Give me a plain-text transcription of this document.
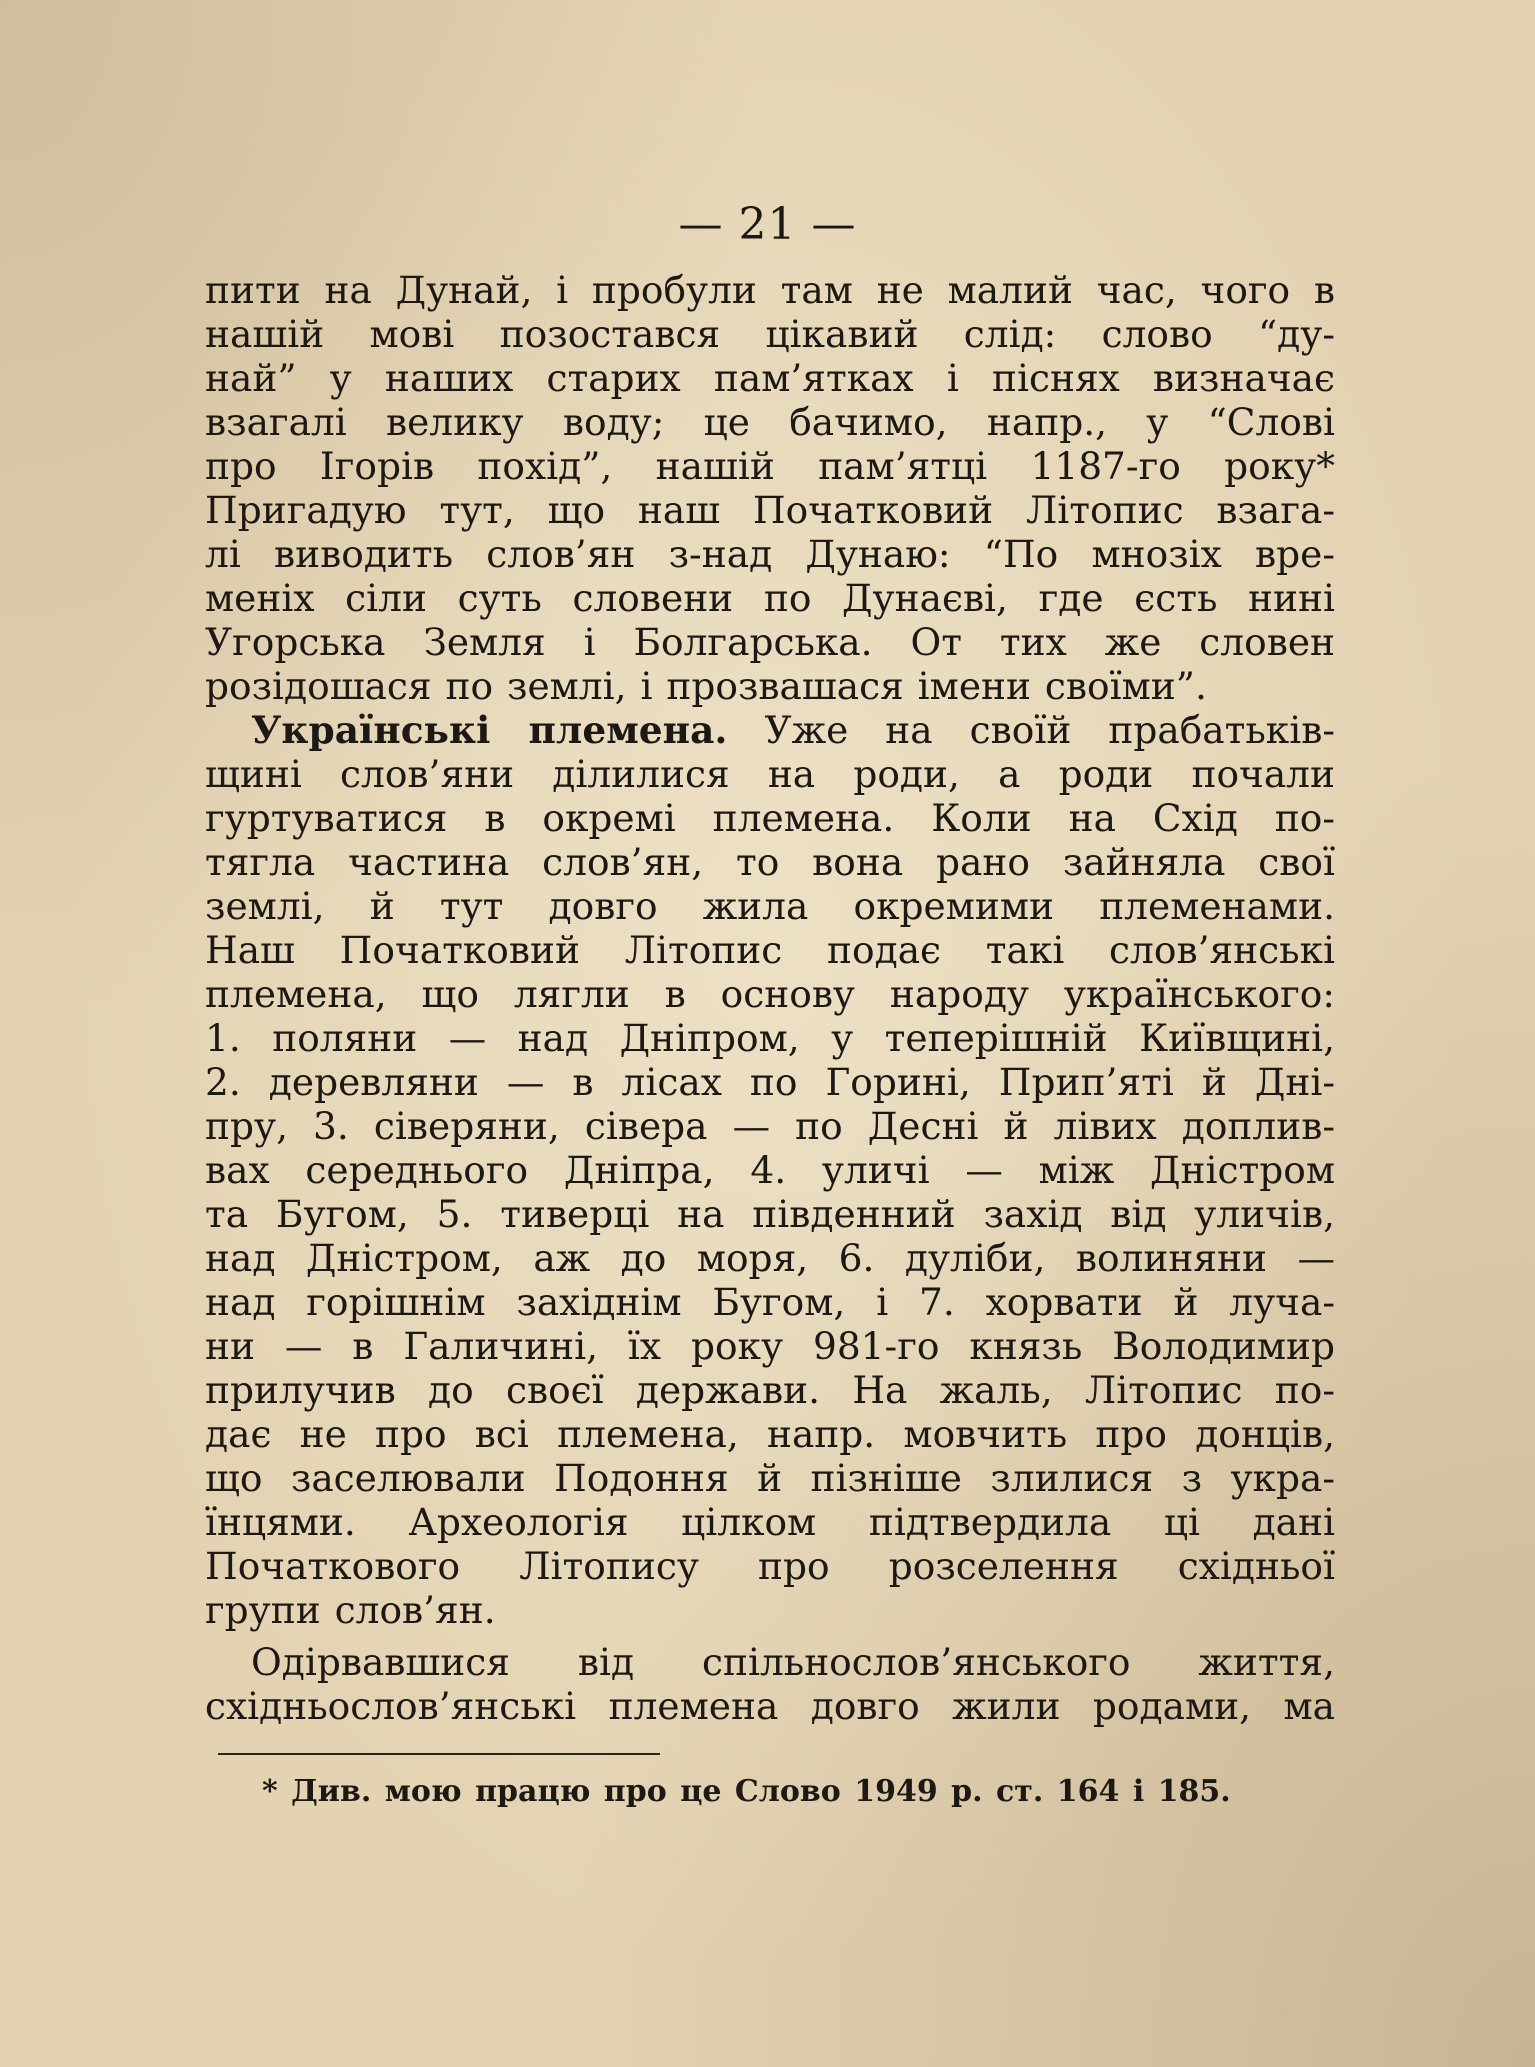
— 21 —
пити на Дунай, і пробули там не малий час, чого в
нашій мові позостався цікавий слід: слово “ду-
най” у наших старих пам’ятках і піснях визначає
взагалі велику воду; це бачимо, напр., у “Слові
про Ігорів похід”, нашій пам’ятці 1187-го року*
Пригадую тут, що наш Початковий Літопис взага-
лі виводить слов’ян з-над Дунаю: “По мнозіх вре-
меніх сіли суть словени по Дунаєві, где єсть нині
Угорська Земля і Болгарська. От тих же словен
розідошася по землі, і прозвашася імени своїми”.
Українські племена. Уже на своїй прабатьків-
щині слов’яни ділилися на роди, а роди почали
гуртуватися в окремі племена. Коли на Схід по-
тягла частина слов’ян, то вона рано зайняла свої
землі, й тут довго жила окремими племенами.
Наш Початковий Літопис подає такі слов’янські
племена, що лягли в основу народу українського:
1. поляни — над Дніпром, у теперішній Київщині,
2. деревляни — в лісах по Горині, Прип’яті й Дні-
пру, 3. сіверяни, сівера — по Десні й лівих доплив-
вах середнього Дніпра, 4. уличі — між Дністром
та Бугом, 5. тиверці на південний захід від уличів,
над Дністром, аж до моря, 6. дуліби, волиняни —
над горішнім західнім Бугом, і 7. хорвати й луча-
ни — в Галичині, їх року 981-го князь Володимир
прилучив до своєї держави. На жаль, Літопис по-
дає не про всі племена, напр. мовчить про донців,
що заселювали Подоння й пізніше злилися з укра-
їнцями. Археологія цілком підтвердила ці дані
Початкового Літопису про розселення східньої
групи слов’ян.
Одірвавшися від спільнослов’янського життя,
східньослов’янські племена довго жили родами, ма
* Див. мою працю про це Слово 1949 р. ст. 164 і 185.
